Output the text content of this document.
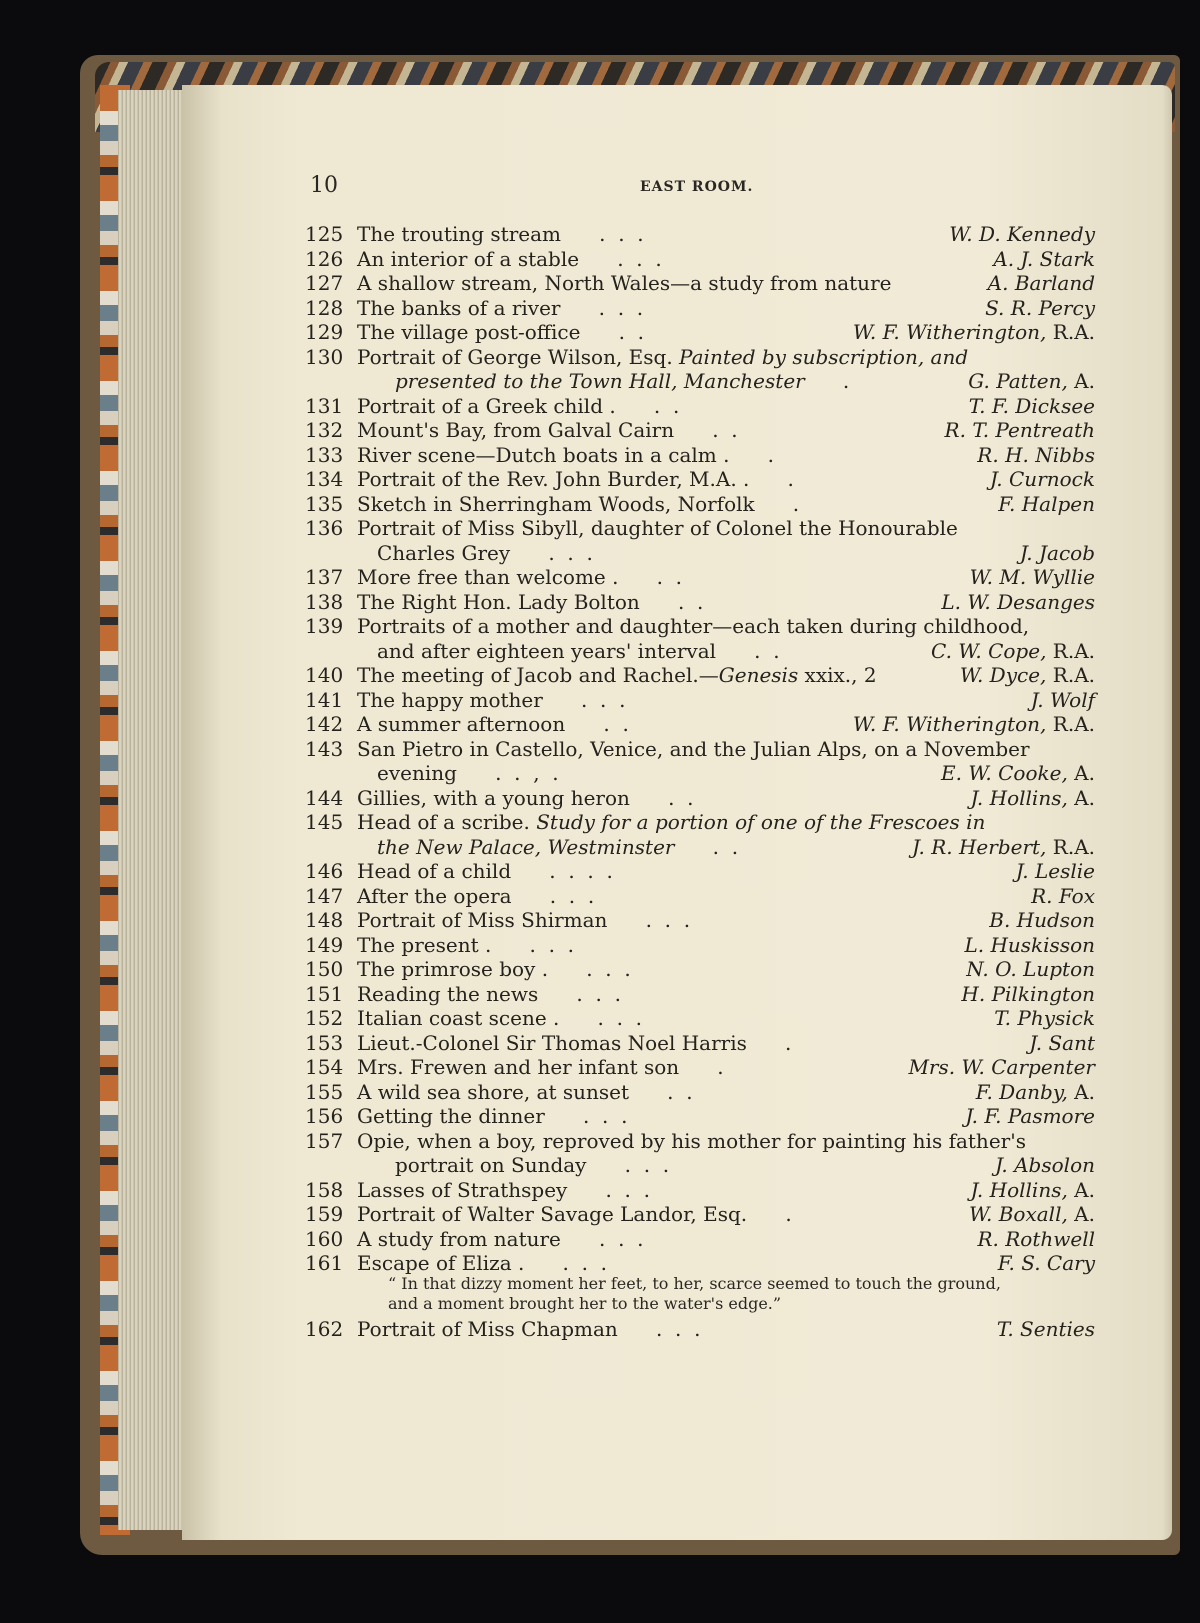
10	EAST ROOM.
125 The trouting stream      .  .  .	W. D. Kennedy
126 An interior of a stable      .  .  .	A. J. Stark
127 A shallow stream, North Wales—a study from nature	A. Barland
128 The banks of a river      .  .  .	S. R. Percy
129 The village post-office      .  .	W. F. Witherington, R.A.
130 Portrait of George Wilson, Esq. Painted by subscription, and
presented to the Town Hall, Manchester      .	G. Patten, A.
131 Portrait of a Greek child .      .  .	T. F. Dicksee
132 Mount's Bay, from Galval Cairn      .  .	R. T. Pentreath
133 River scene—Dutch boats in a calm .      .	R. H. Nibbs
134 Portrait of the Rev. John Burder, M.A. .      .	J. Curnock
135 Sketch in Sherringham Woods, Norfolk      .	F. Halpen
136 Portrait of Miss Sibyll, daughter of Colonel the Honourable
Charles Grey      .  .  .	J. Jacob
137 More free than welcome .      .  .	W. M. Wyllie
138 The Right Hon. Lady Bolton      .  .	L. W. Desanges
139 Portraits of a mother and daughter—each taken during childhood,
and after eighteen years' interval      .  .	C. W. Cope, R.A.
140 The meeting of Jacob and Rachel.—Genesis xxix., 2	W. Dyce, R.A.
141 The happy mother      .  .  .	J. Wolf
142 A summer afternoon      .  .	W. F. Witherington, R.A.
143 San Pietro in Castello, Venice, and the Julian Alps, on a November
evening      .  .  ,  .	E. W. Cooke, A.
144 Gillies, with a young heron      .  .	J. Hollins, A.
145 Head of a scribe. Study for a portion of one of the Frescoes in
the New Palace, Westminster      .  .	J. R. Herbert, R.A.
146 Head of a child      .  .  .  .	J. Leslie
147 After the opera      .  .  .	R. Fox
148 Portrait of Miss Shirman      .  .  .	B. Hudson
149 The present .      .  .  .	L. Huskisson
150 The primrose boy .      .  .  .	N. O. Lupton
151 Reading the news      .  .  .	H. Pilkington
152 Italian coast scene .      .  .  .	T. Physick
153 Lieut.-Colonel Sir Thomas Noel Harris      .	J. Sant
154 Mrs. Frewen and her infant son      .	Mrs. W. Carpenter
155 A wild sea shore, at sunset      .  .	F. Danby, A.
156 Getting the dinner      .  .  .	J. F. Pasmore
157 Opie, when a boy, reproved by his mother for painting his father's
portrait on Sunday      .  .  .	J. Absolon
158 Lasses of Strathspey      .  .  .	J. Hollins, A.
159 Portrait of Walter Savage Landor, Esq.      .	W. Boxall, A.
160 A study from nature      .  .  .	R. Rothwell
161 Escape of Eliza .      .  .  .	F. S. Cary
“ In that dizzy moment her feet, to her, scarce seemed to touch the ground,
and a moment brought her to the water's edge.”
162 Portrait of Miss Chapman      .  .  .	T. Senties
